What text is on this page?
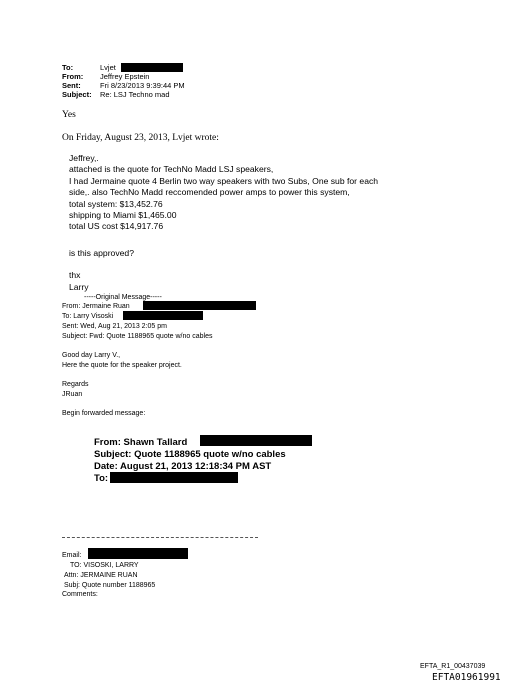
To:	Lvjet
From: Jeffrey Epstein
Sent:	Fri 8/23/2013 9:39:44 PM
Subject: Re: LSJ Techno mad
Yes
On Friday, August 23, 2013, Lvjet wrote:
Jeffrey,.
attached is the quote for TechNo Madd LSJ speakers,
I had Jermaine quote 4 Berlin two way speakers with two Subs, One sub for each
side,. also TechNo Madd reccomended power amps to power this system,
total system: $13,452.76
shipping to Miami $1,465.00
total US cost $14,917.76
is this approved?
thx
Larry
-----Original Message-----
From: Jermaine Ruan
To: Larry Visoski
Sent: Wed, Aug 21, 2013 2:05 pm
Subject: Fwd: Quote 1188965 quote w/no cables
Good day Larry V.,
Here the quote for the speaker project.
Regards
JRuan
Begin forwarded message:
From: Shawn Tallard
Subject: Quote 1188965 quote w/no cables
Date: August 21, 2013 12:18:34 PM AST
To:
Email:
TO: VISOSKI, LARRY
Attn: JERMAINE RUAN
Subj: Quote number 1188965
Comments:
EFTA_R1_00437039
EFTA01961991
